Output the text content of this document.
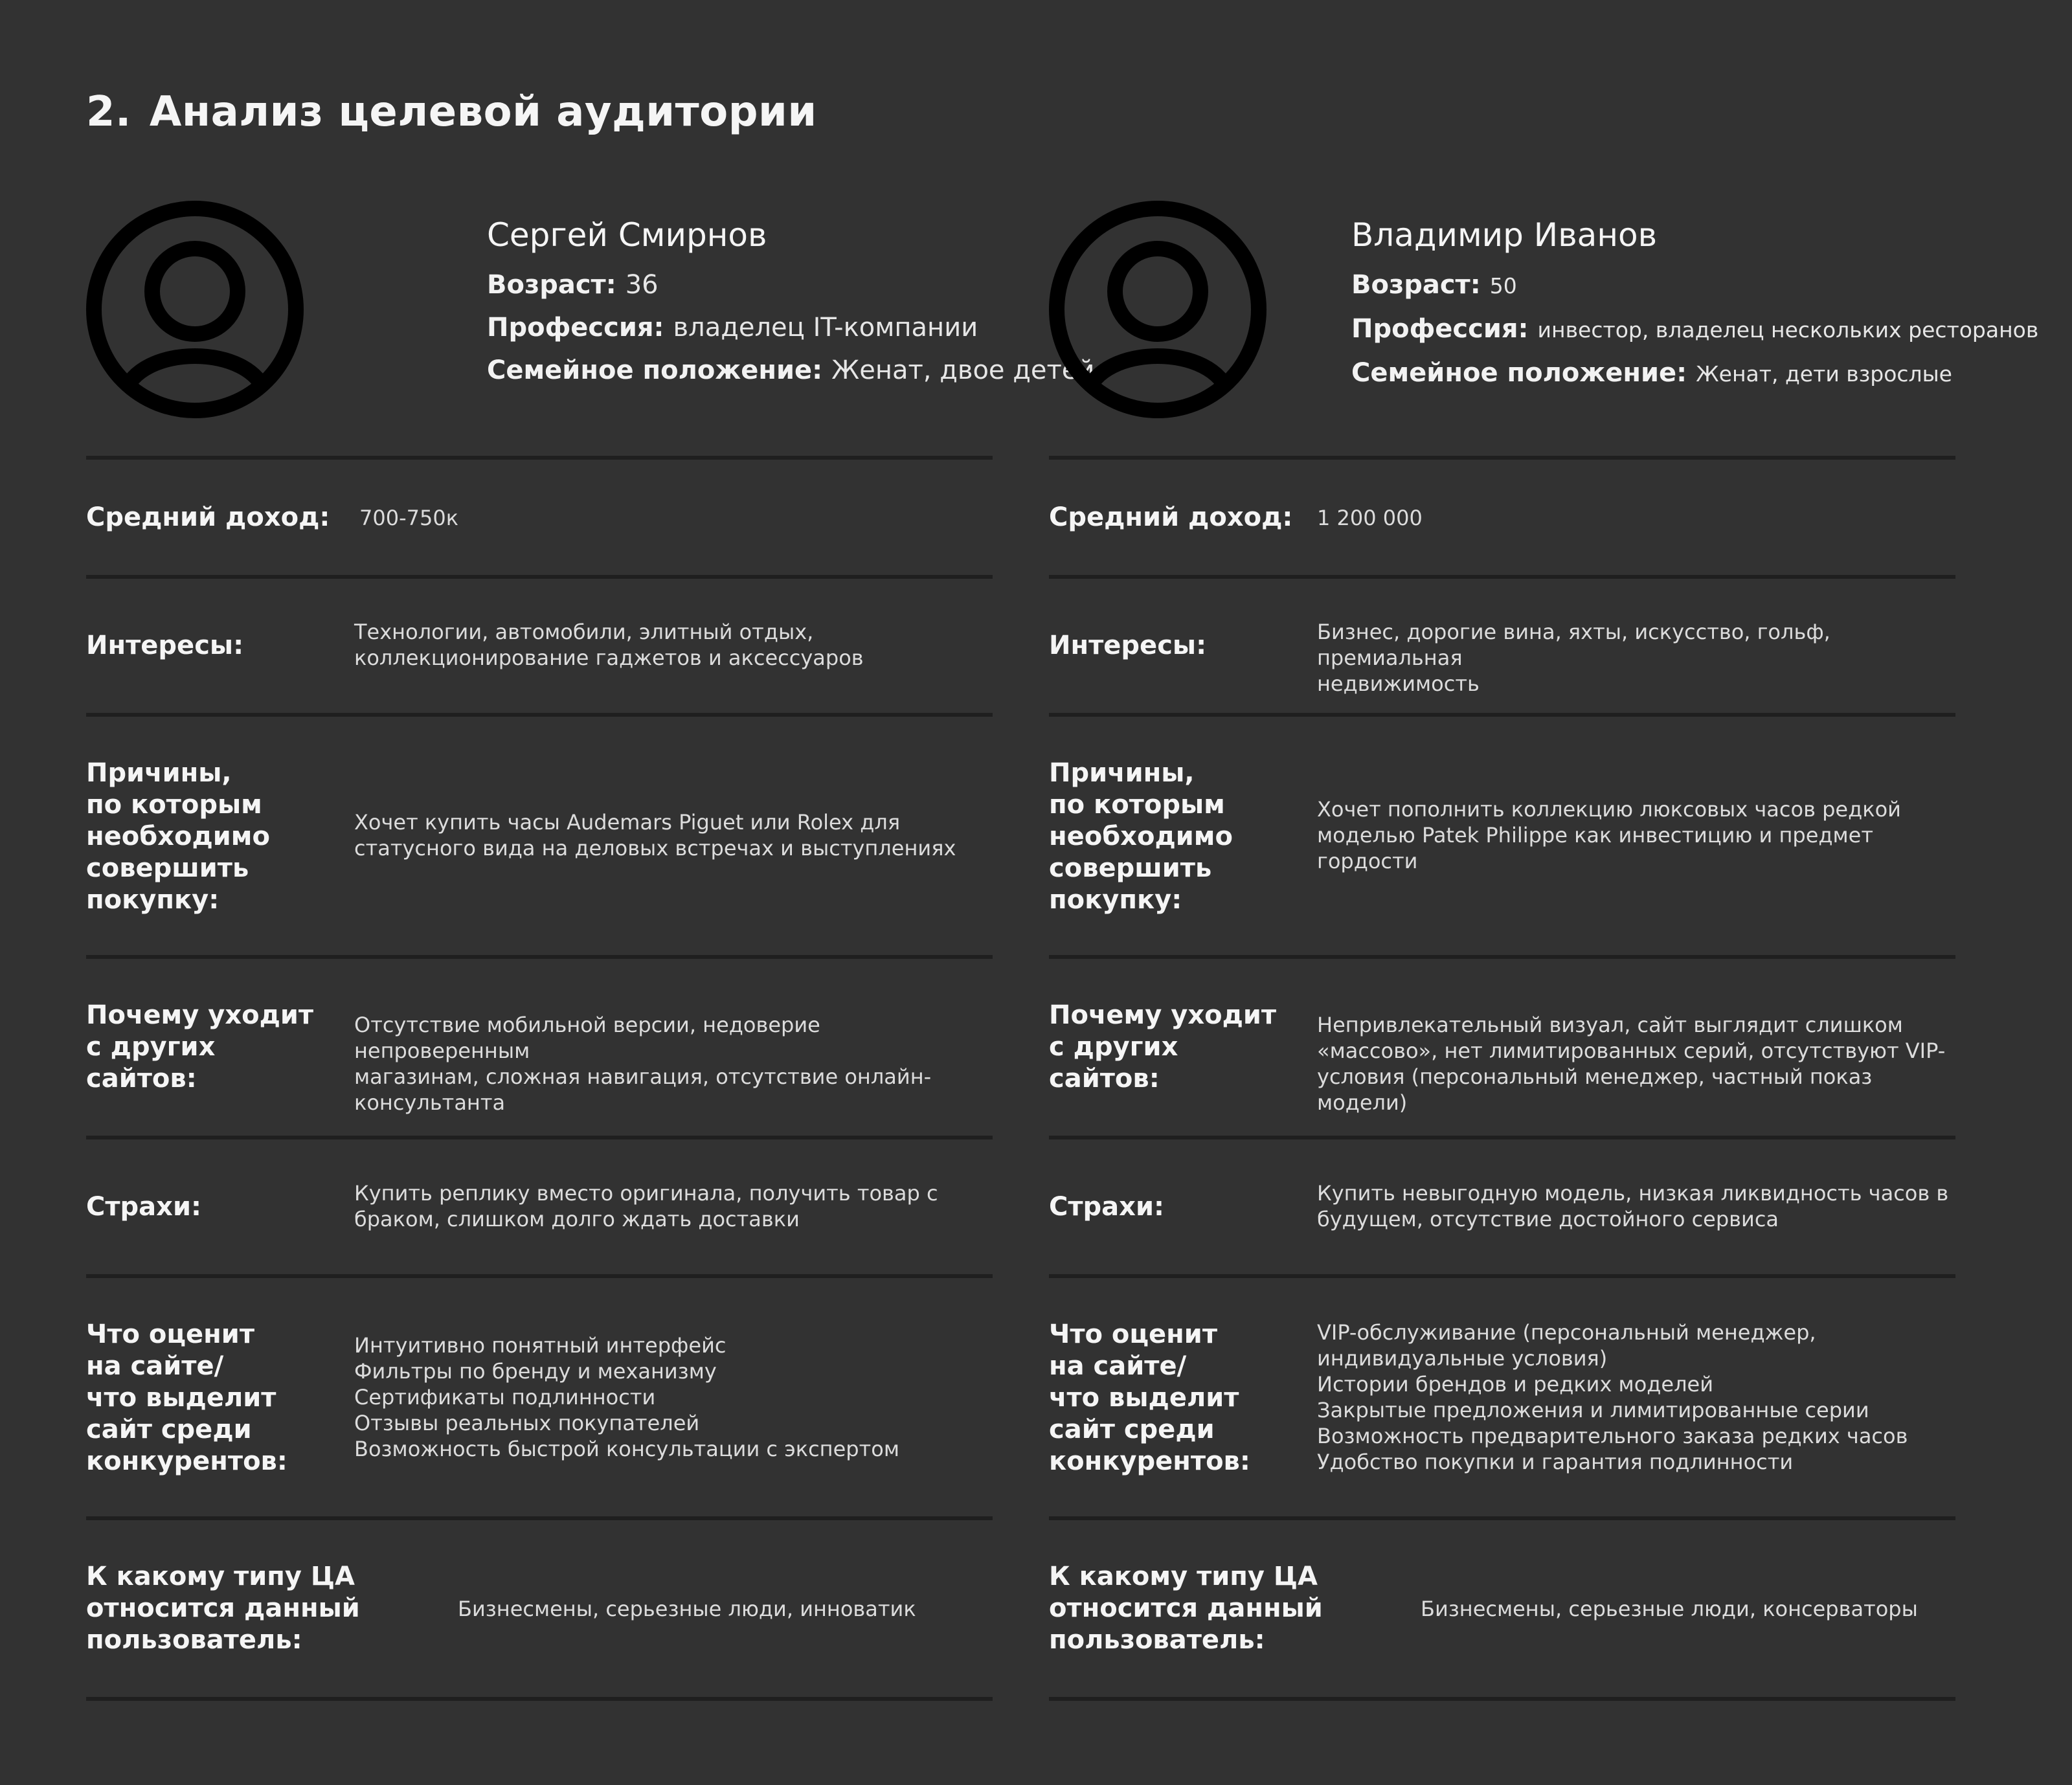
2. Анализ целевой аудитории
Сергей Смирнов
Возраст: 36
Профессия: владелец IT-компании
Семейное положение: Женат, двое детей
Средний доход: 700-750к
Интересы:	Технологии, автомобили, элитный отдых,
коллекционирование гаджетов и аксессуаров
Причины,
по которым
необходимо
совершить
покупку:
Хочет купить часы Audemars Piguet или Rolex для
статусного вида на деловых встречах и выступлениях
Почему уходит
с других
сайтов:
Отсутствие мобильной версии, недоверие непроверенным
магазинам, сложная навигация, отсутствие онлайн-
консультанта
Страхи:	Купить реплику вместо оригинала, получить товар с
браком, слишком долго ждать доставки
Что оценит
на сайте/
что выделит
сайт среди
конкурентов:
Интуитивно понятный интерфейс
Фильтры по бренду и механизму
Сертификаты подлинности
Отзывы реальных покупателей
Возможность быстрой консультации с экспертом
К какому типу ЦА
относится данный
пользователь:
Бизнесмены, серьезные люди, инноватик
Владимир Иванов
Возраст: 50
Профессия: инвестор, владелец нескольких ресторанов
Семейное положение: Женат, дети взрослые
Средний доход: 1 200 000
Интересы:	Бизнес, дорогие вина, яхты, искусство, гольф, премиальная
недвижимость
Причины,
по которым
необходимо
совершить
покупку:
Хочет пополнить коллекцию люксовых часов редкой
моделью Patek Philippe как инвестицию и предмет
гордости
Почему уходит
с других
сайтов:
Непривлекательный визуал, сайт выглядит слишком
«массово», нет лимитированных серий, отсутствуют VIP-
условия (персональный менеджер, частный показ модели)
Страхи:	Купить невыгодную модель, низкая ликвидность часов в
будущем, отсутствие достойного сервиса
Что оценит
на сайте/
что выделит
сайт среди
конкурентов:
VIP-обслуживание (персональный менеджер,
индивидуальные условия)
Истории брендов и редких моделей
Закрытые предложения и лимитированные серии
Возможность предварительного заказа редких часов
Удобство покупки и гарантия подлинности
К какому типу ЦА
относится данный
пользователь:
Бизнесмены, серьезные люди, консерваторы
